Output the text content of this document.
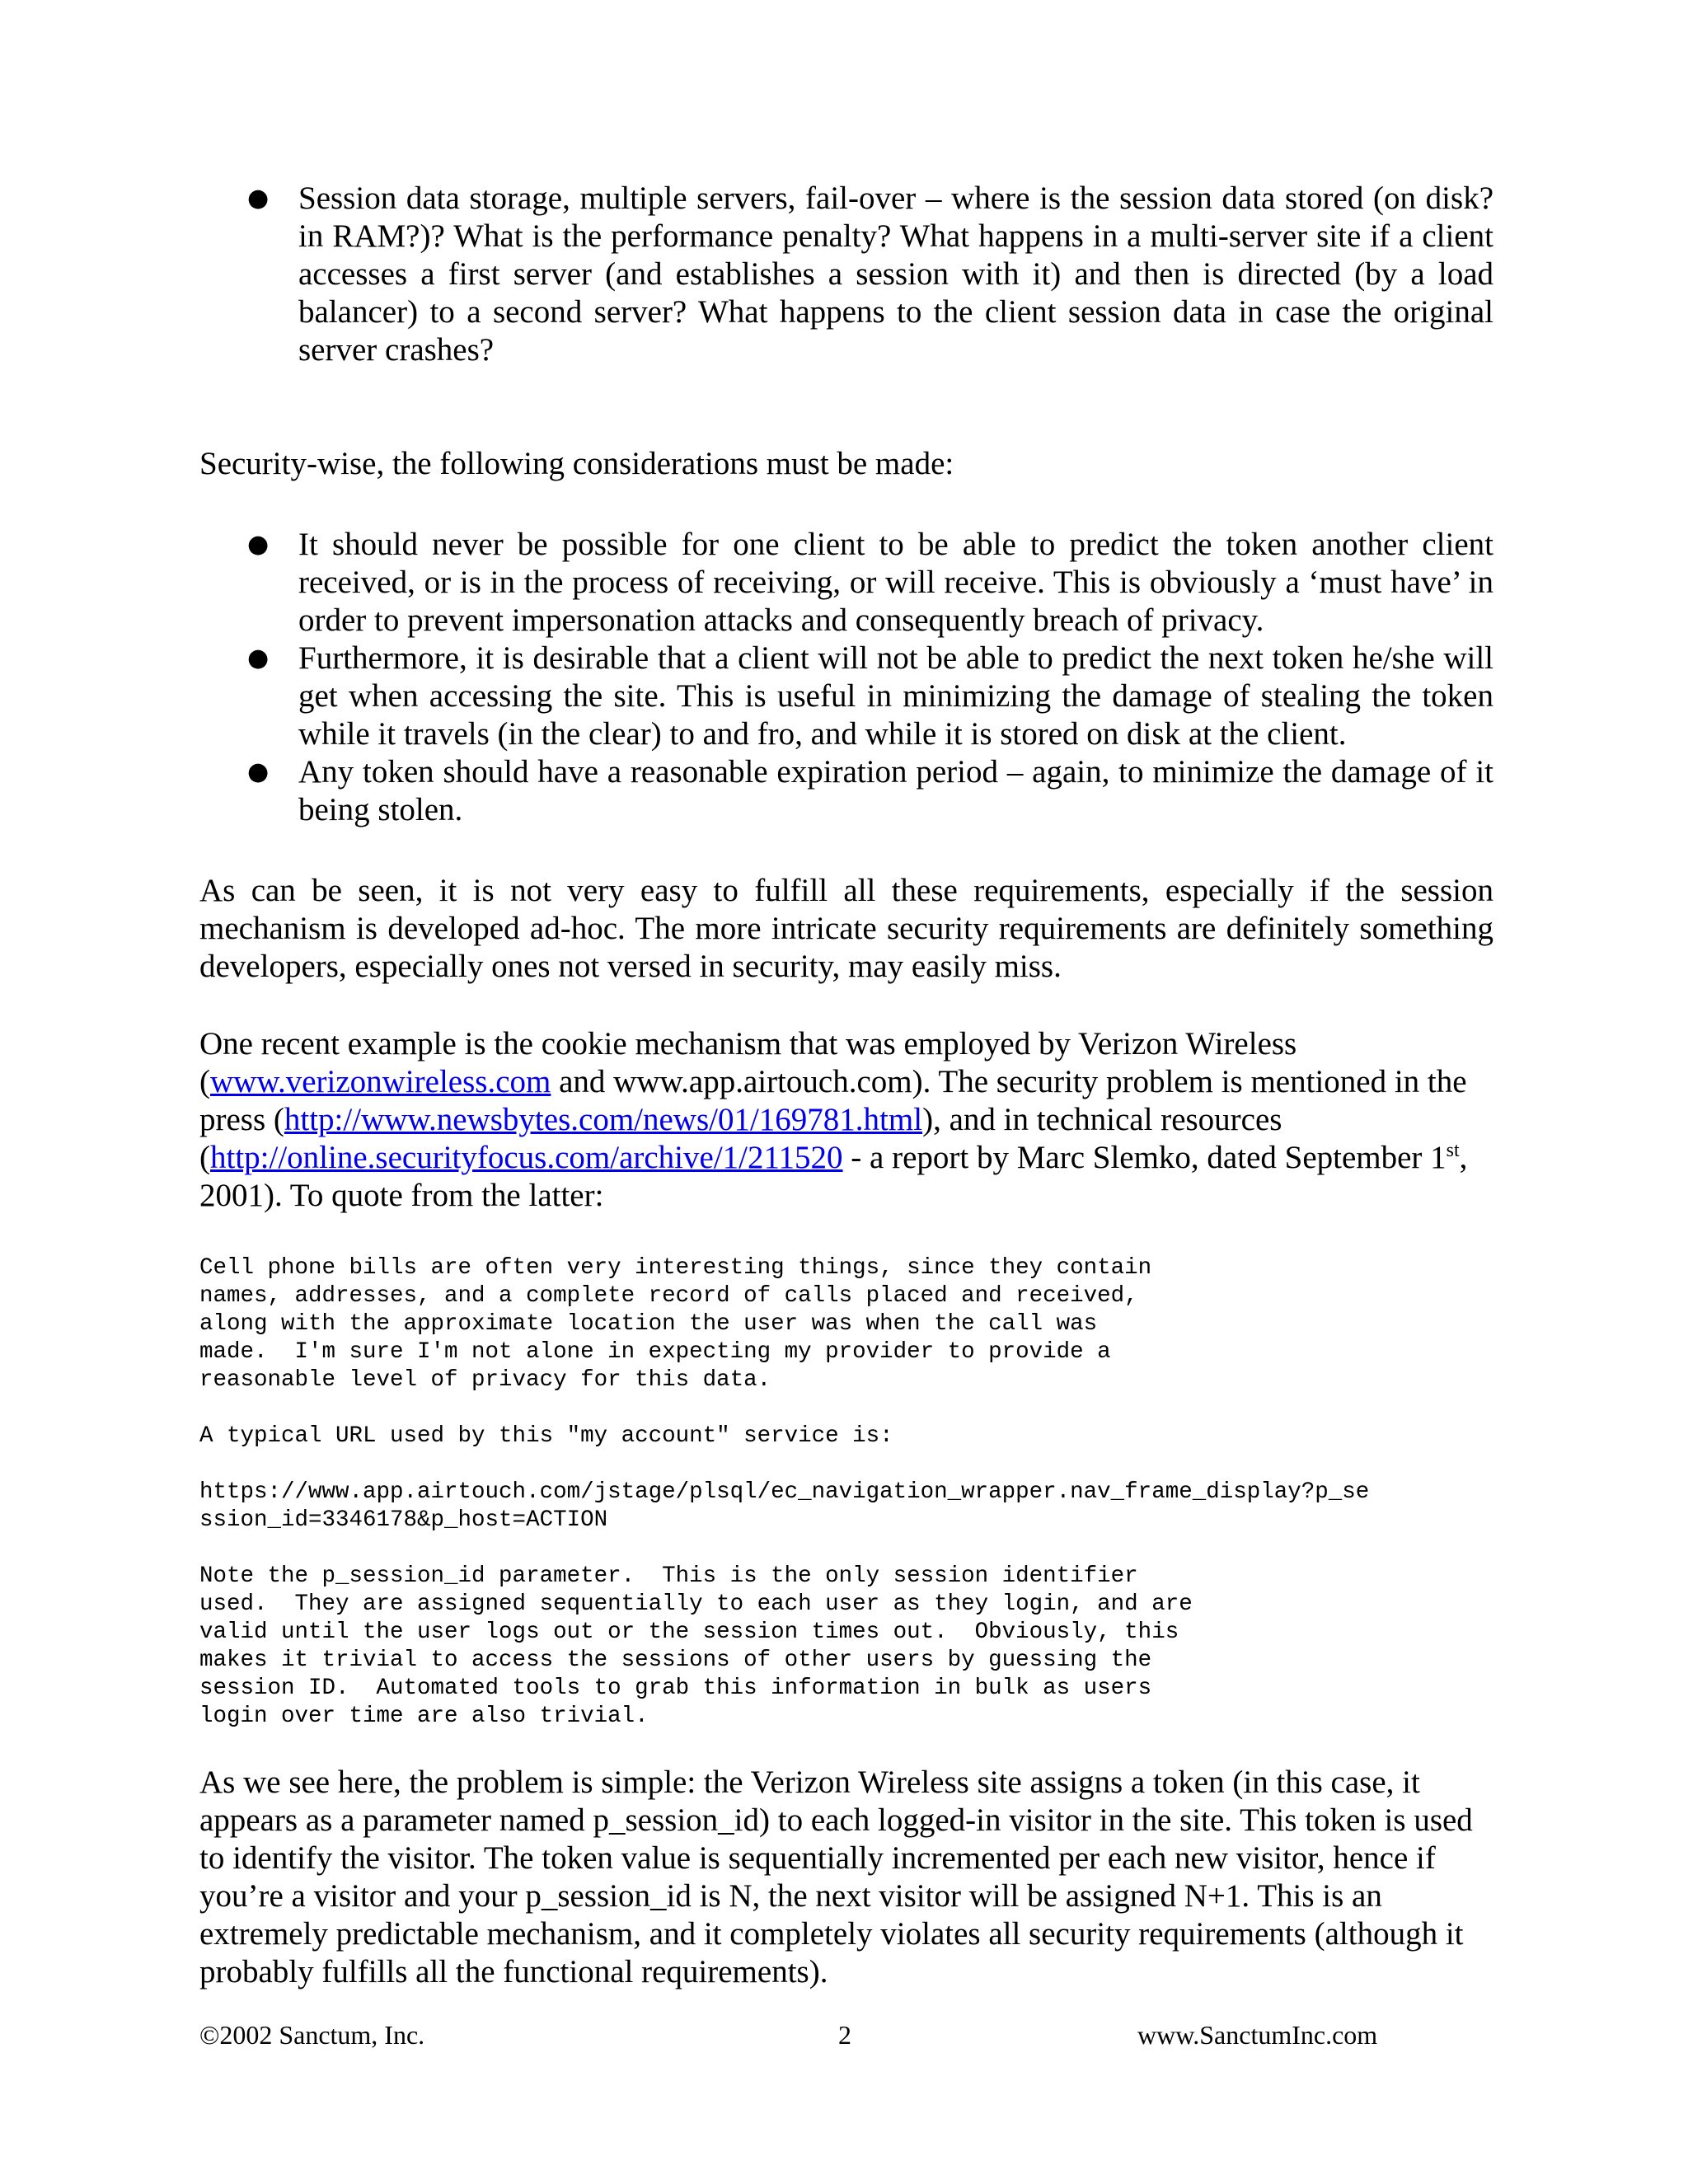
● Session data storage, multiple servers, fail-over – where is the session data stored (on disk? in RAM?)? What is the performance penalty? What happens in a multi-server site if a client accesses a first server (and establishes a session with it) and then is directed (by a load balancer) to a second server? What happens to the client session data in case the original server crashes?

Security-wise, the following considerations must be made:

● It should never be possible for one client to be able to predict the token another client received, or is in the process of receiving, or will receive. This is obviously a ‘must have’ in order to prevent impersonation attacks and consequently breach of privacy.
● Furthermore, it is desirable that a client will not be able to predict the next token he/she will get when accessing the site. This is useful in minimizing the damage of stealing the token while it travels (in the clear) to and fro, and while it is stored on disk at the client.
● Any token should have a reasonable expiration period – again, to minimize the damage of it being stolen.

As can be seen, it is not very easy to fulfill all these requirements, especially if the session mechanism is developed ad-hoc. The more intricate security requirements are definitely something developers, especially ones not versed in security, may easily miss.

One recent example is the cookie mechanism that was employed by Verizon Wireless (www.verizonwireless.com and www.app.airtouch.com). The security problem is mentioned in the press (http://www.newsbytes.com/news/01/169781.html), and in technical resources (http://online.securityfocus.com/archive/1/211520 - a report by Marc Slemko, dated September 1st, 2001). To quote from the latter:

Cell phone bills are often very interesting things, since they contain
names, addresses, and a complete record of calls placed and received,
along with the approximate location the user was when the call was
made.  I'm sure I'm not alone in expecting my provider to provide a
reasonable level of privacy for this data.
A typical URL used by this "my account" service is:
https://www.app.airtouch.com/jstage/plsql/ec_navigation_wrapper.nav_frame_display?p_se
ssion_id=3346178&p_host=ACTION
Note the p_session_id parameter.  This is the only session identifier
used.  They are assigned sequentially to each user as they login, and are
valid until the user logs out or the session times out.  Obviously, this
makes it trivial to access the sessions of other users by guessing the
session ID.  Automated tools to grab this information in bulk as users
login over time are also trivial.

As we see here, the problem is simple: the Verizon Wireless site assigns a token (in this case, it appears as a parameter named p_session_id) to each logged-in visitor in the site. This token is used to identify the visitor. The token value is sequentially incremented per each new visitor, hence if you’re a visitor and your p_session_id is N, the next visitor will be assigned N+1. This is an extremely predictable mechanism, and it completely violates all security requirements (although it probably fulfills all the functional requirements).

©2002 Sanctum, Inc.	2	www.SanctumInc.com
